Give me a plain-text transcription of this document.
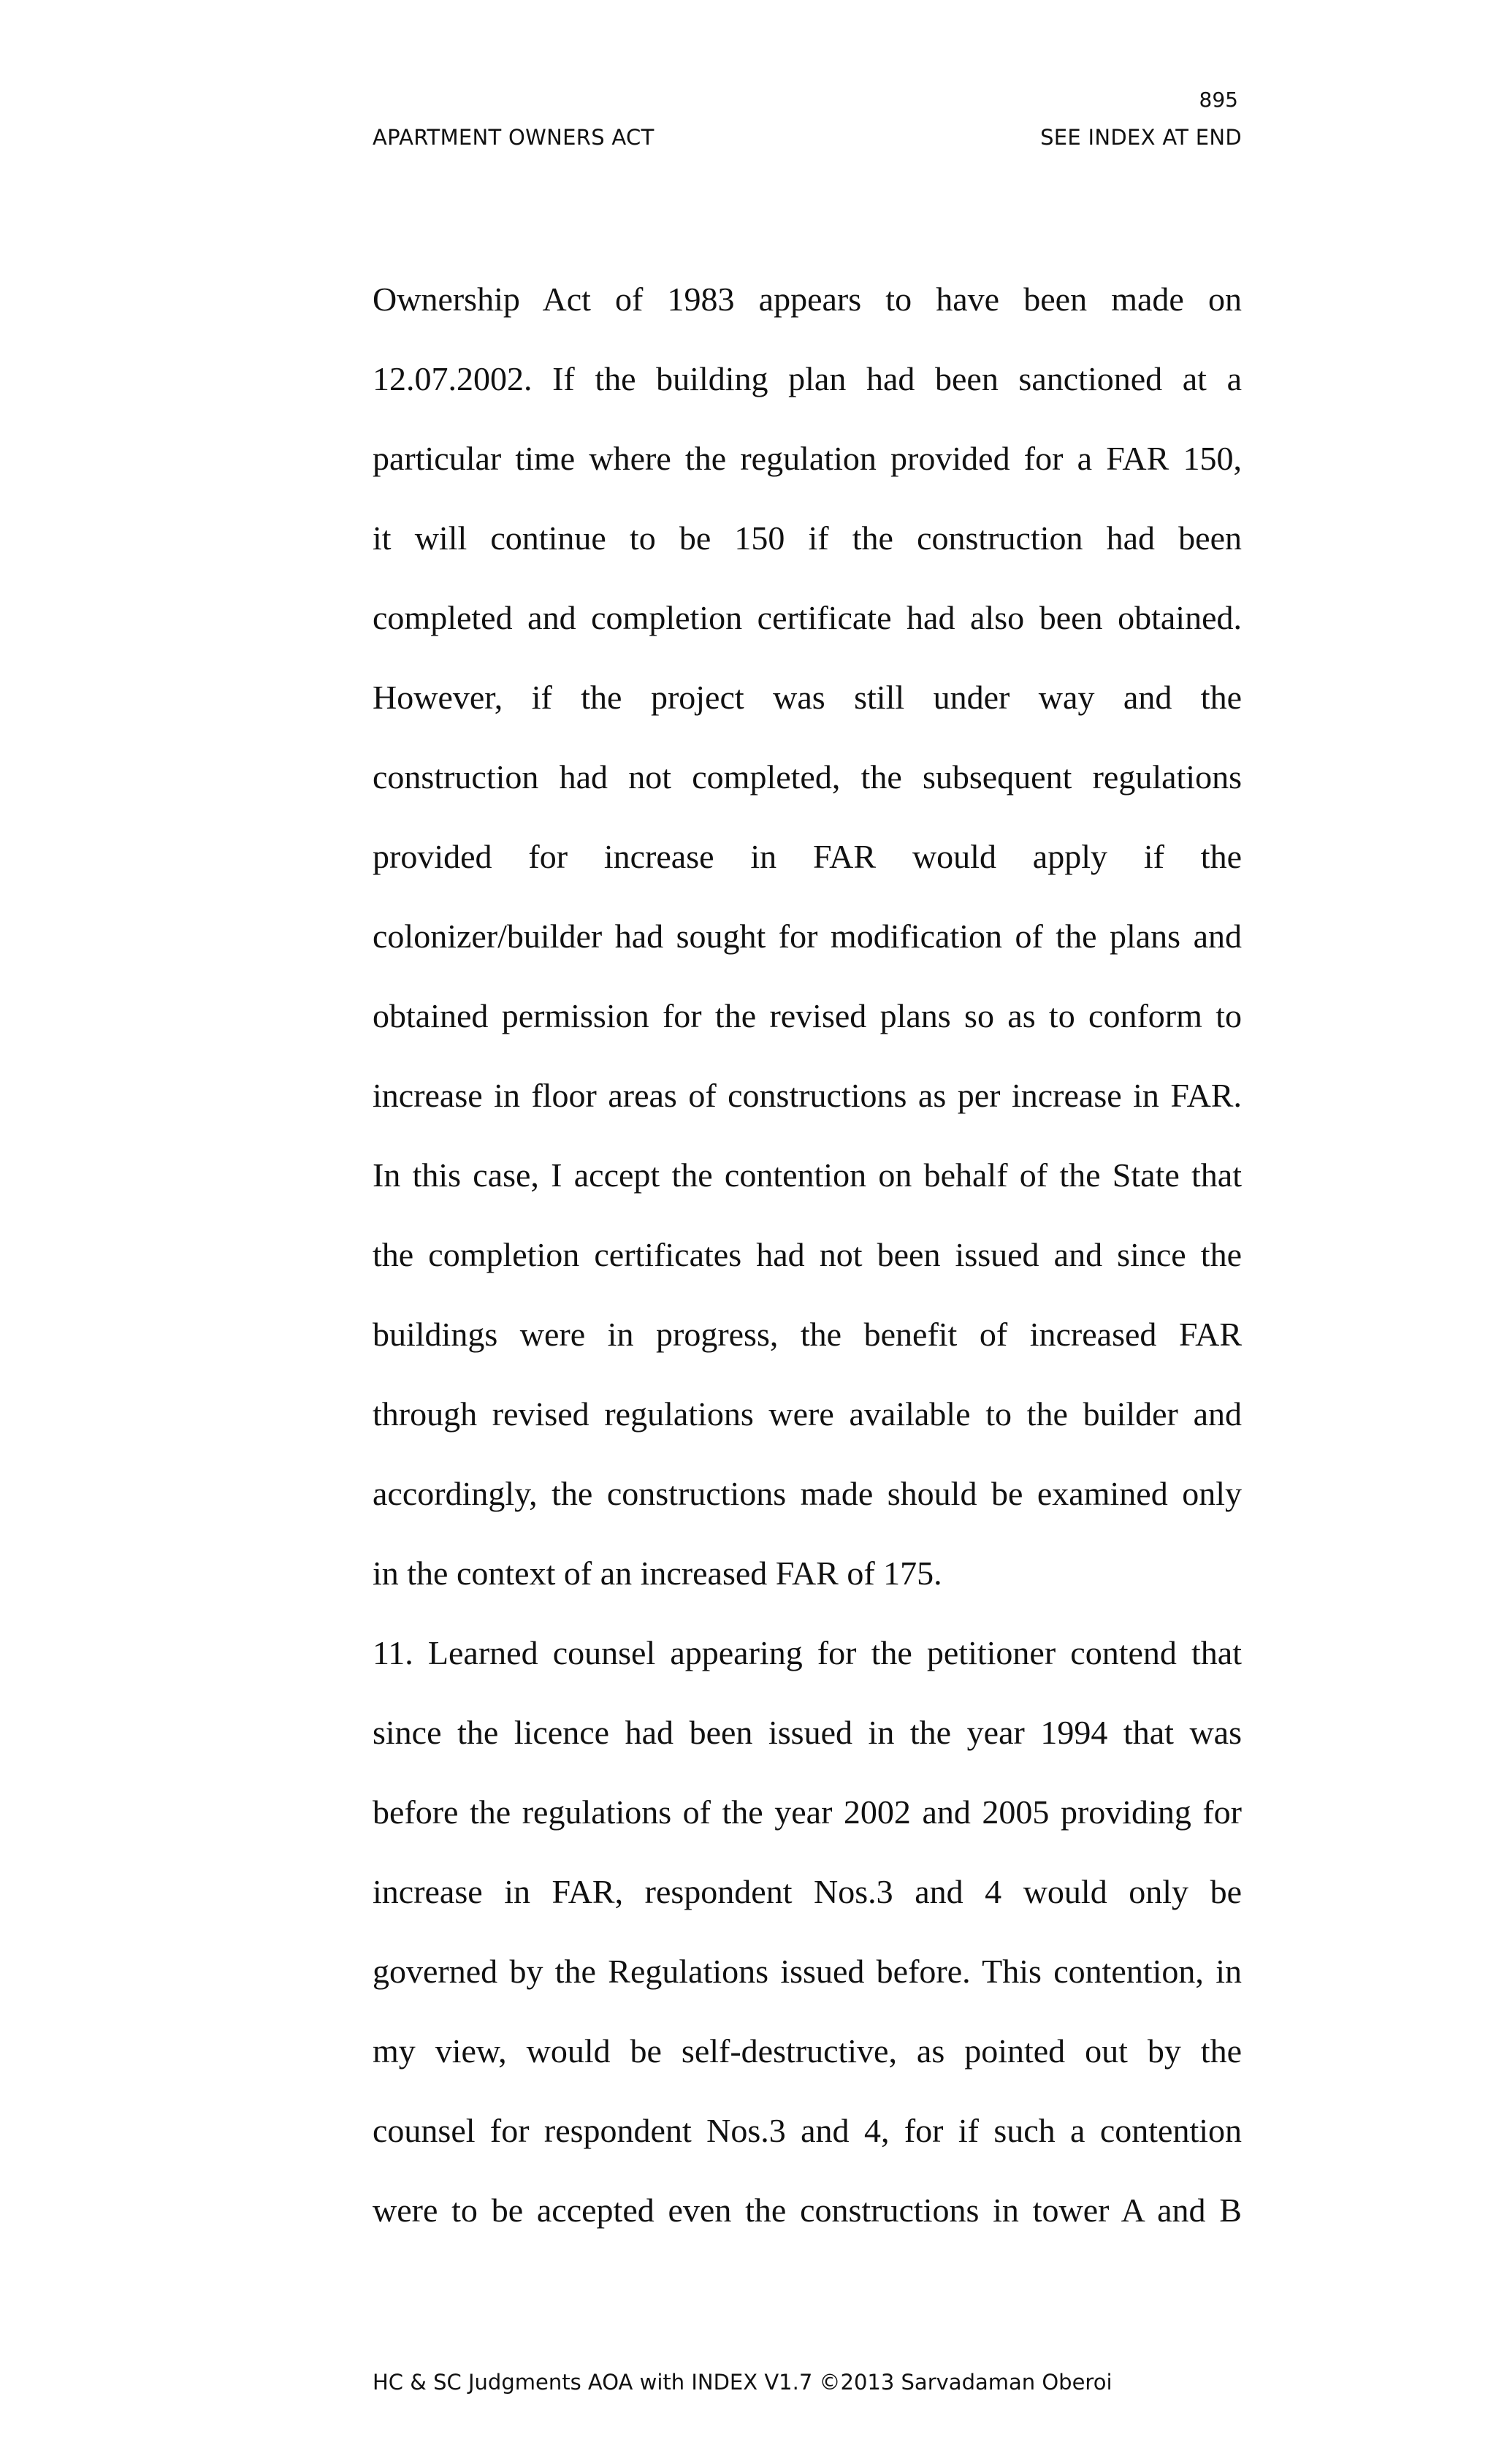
895
APARTMENT OWNERS ACT	SEE INDEX AT END
Ownership Act of 1983 appears to have been made on
12.07.2002. If the building plan had been sanctioned at a
particular time where the regulation provided for a FAR 150,
it will continue to be 150 if the construction had been
completed and completion certificate had also been obtained.
However, if the project was still under way and the
construction had not completed, the subsequent regulations
provided for increase in FAR would apply if the
colonizer/builder had sought for modification of the plans and
obtained permission for the revised plans so as to conform to
increase in floor areas of constructions as per increase in FAR.
In this case, I accept the contention on behalf of the State that
the completion certificates had not been issued and since the
buildings were in progress, the benefit of increased FAR
through revised regulations were available to the builder and
accordingly, the constructions made should be examined only
in the context of an increased FAR of 175.
11. Learned counsel appearing for the petitioner contend that
since the licence had been issued in the year 1994 that was
before the regulations of the year 2002 and 2005 providing for
increase in FAR, respondent Nos.3 and 4 would only be
governed by the Regulations issued before. This contention, in
my view, would be self-destructive, as pointed out by the
counsel for respondent Nos.3 and 4, for if such a contention
were to be accepted even the constructions in tower A and B
HC & SC Judgments AOA with INDEX V1.7 ©2013 Sarvadaman Oberoi
